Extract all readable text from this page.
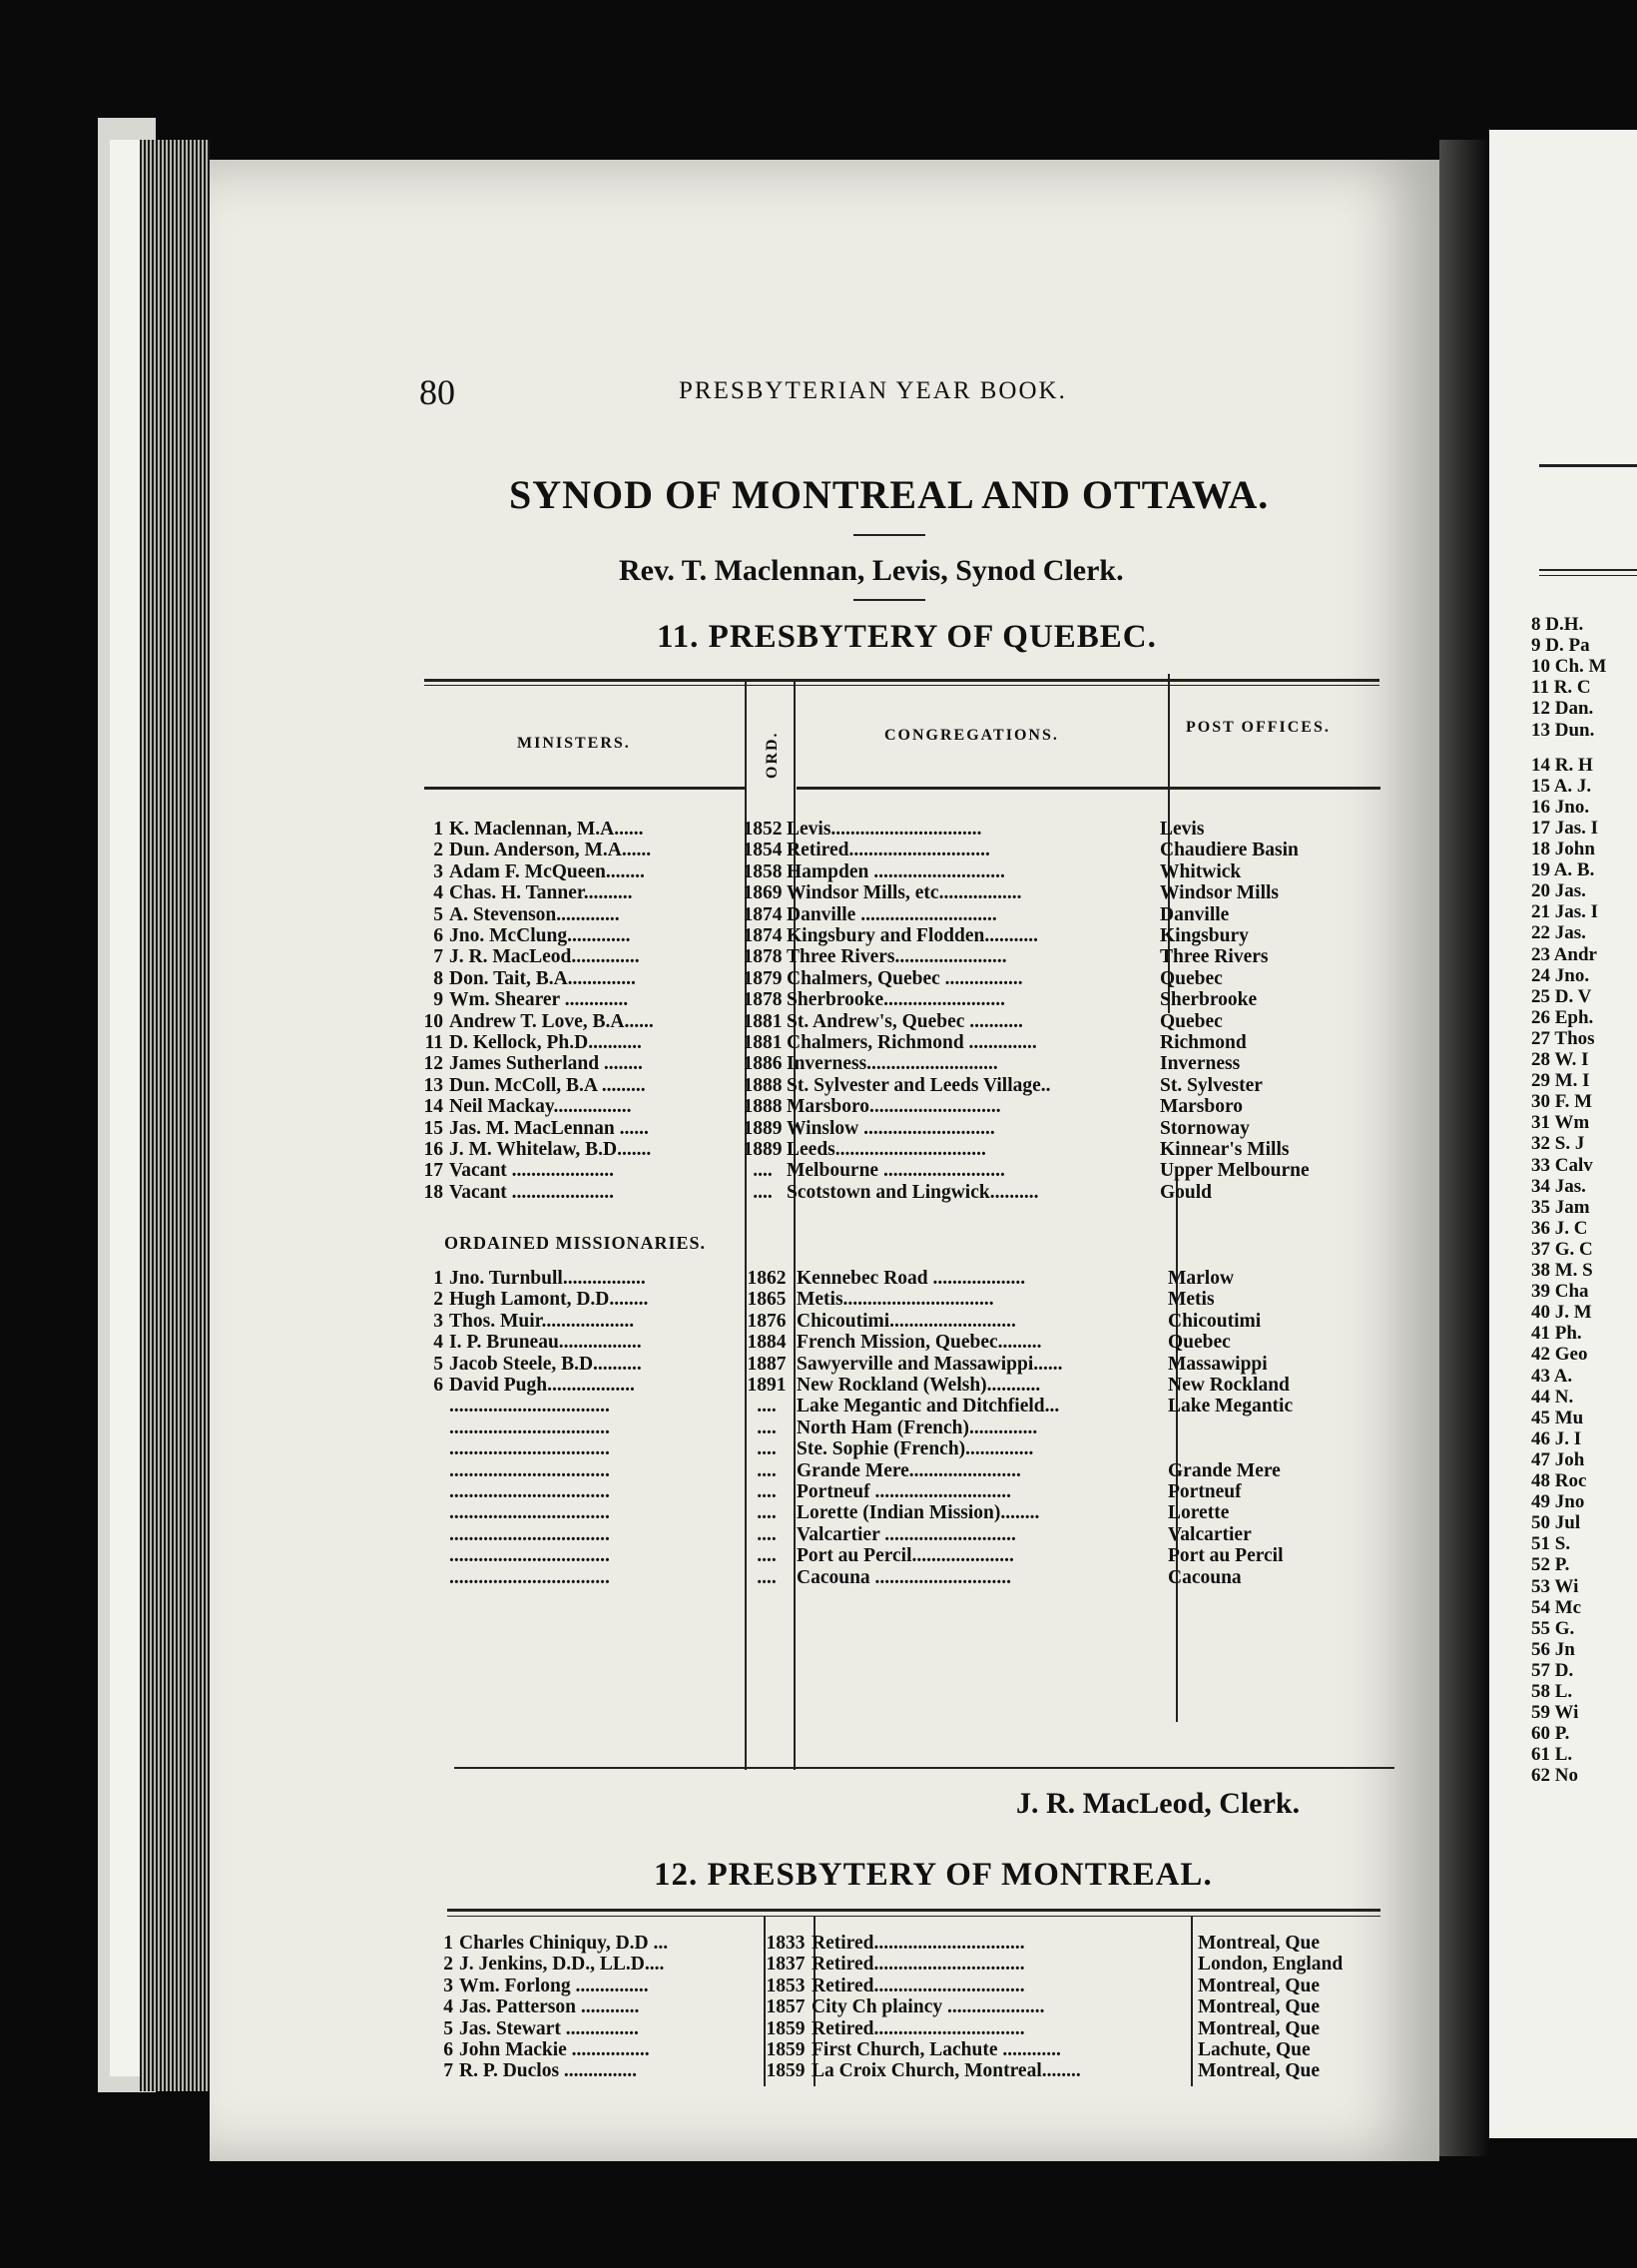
80	PRESBYTERIAN YEAR BOOK.
SYNOD OF MONTREAL AND OTTAWA.
Rev. T. Maclennan, Levis, Synod Clerk.
11. PRESBYTERY OF QUEBEC.
MINISTERS.	ORD.	CONGREGATIONS.	POST OFFICES.
1 K. Maclennan, M.A......	1852 Levis...............................	Levis
2 Dun. Anderson, M.A......	1854 Retired.............................	Chaudiere Basin
3 Adam F. McQueen........	1858 Hampden ...........................	Whitwick
4 Chas. H. Tanner..........	1869 Windsor Mills, etc.................	Windsor Mills
5 A. Stevenson.............	1874 Danville ............................	Danville
6 Jno. McClung.............	1874 Kingsbury and Flodden...........	Kingsbury
7 J. R. MacLeod..............	1878 Three Rivers.......................	Three Rivers
8 Don. Tait, B.A..............	1879 Chalmers, Quebec ................	Quebec
9 Wm. Shearer .............	1878 Sherbrooke.........................	Sherbrooke
10 Andrew T. Love, B.A......	1881 St. Andrew's, Quebec ...........	Quebec
11 D. Kellock, Ph.D...........	1881 Chalmers, Richmond ..............	Richmond
12 James Sutherland ........	1886 Inverness...........................	Inverness
13 Dun. McColl, B.A .........	1888 St. Sylvester and Leeds Village..	St. Sylvester
14 Neil Mackay................	1888 Marsboro...........................	Marsboro
15 Jas. M. MacLennan ......	1889 Winslow ...........................	Stornoway
16 J. M. Whitelaw, B.D.......	1889 Leeds...............................	Kinnear's Mills
17 Vacant .....................	.... Melbourne .........................	Upper Melbourne
18 Vacant .....................	.... Scotstown and Lingwick..........	Gould
ORDAINED MISSIONARIES.
1 Jno. Turnbull.................	1862 Kennebec Road ...................	Marlow
2 Hugh Lamont, D.D........	1865 Metis...............................	Metis
3 Thos. Muir...................	1876 Chicoutimi..........................	Chicoutimi
4 I. P. Bruneau.................	1884 French Mission, Quebec.........	Quebec
5 Jacob Steele, B.D..........	1887 Sawyerville and Massawippi......	Massawippi
6 David Pugh..................	1891 New Rockland (Welsh)...........	New Rockland
.................................	....	Lake Megantic and Ditchfield...	Lake Megantic
.................................	....	North Ham (French)..............
.................................	....	Ste. Sophie (French)..............
.................................	....	Grande Mere.......................	Grande Mere
.................................	....	Portneuf ............................	Portneuf
.................................	....	Lorette (Indian Mission)........	Lorette
.................................	....	Valcartier ...........................	Valcartier
.................................	....	Port au Percil.....................	Port au Percil
.................................	....	Cacouna ............................	Cacouna
J. R. MacLeod, Clerk.
12. PRESBYTERY OF MONTREAL.
1 Charles Chiniquy, D.D ...	1833 Retired...............................	Montreal, Que
2 J. Jenkins, D.D., LL.D....	1837 Retired...............................	London, England
3 Wm. Forlong ...............	1853 Retired...............................	Montreal, Que
4 Jas. Patterson ............	1857 City Ch plaincy ....................	Montreal, Que
5 Jas. Stewart ...............	1859 Retired...............................	Montreal, Que
6 John Mackie ................	1859 First Church, Lachute ............	Lachute, Que
7 R. P. Duclos ...............	1859 La Croix Church, Montreal........	Montreal, Que
8 D.H.
9 D. Pa
10 Ch. M
11 R. C
12 Dan.
13 Dun.
14 R. H
15 A. J.
16 Jno.
17 Jas. I
18 John
19 A. B.
20 Jas.
21 Jas. I
22 Jas.
23 Andr
24 Jno.
25 D. V
26 Eph.
27 Thos
28 W. I
29 M. I
30 F. M
31 Wm
32 S. J
33 Calv
34 Jas.
35 Jam
36 J. C
37 G. C
38 M. S
39 Cha
40 J. M
41 Ph.
42 Geo
43 A.
44 N.
45 Mu
46 J. I
47 Joh
48 Roc
49 Jno
50 Jul
51 S.
52 P.
53 Wi
54 Mc
55 G.
56 Jn
57 D.
58 L.
59 Wi
60 P.
61 L.
62 No
